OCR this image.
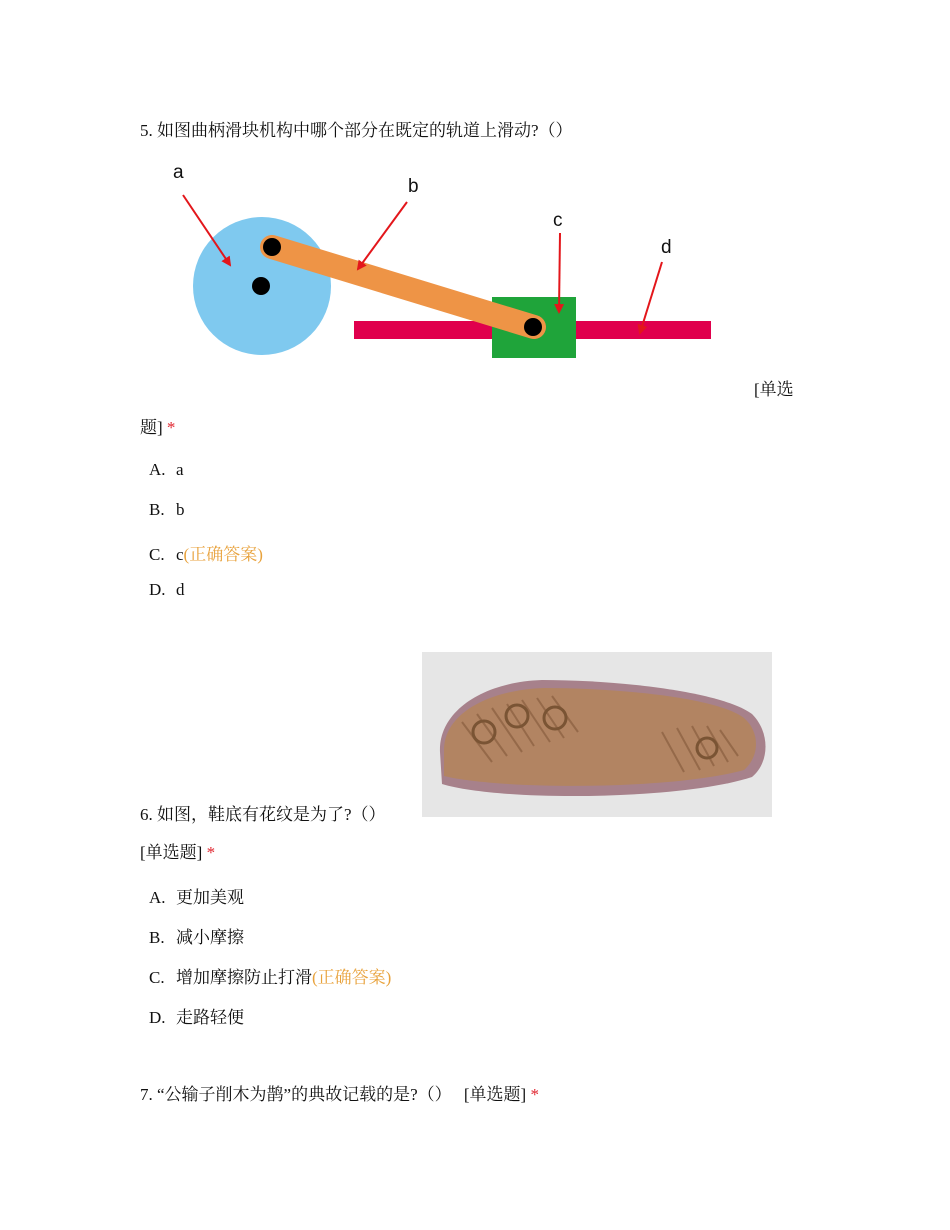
5. 如图曲柄滑块机构中哪个部分在既定的轨道上滑动?（）
a
b
c
d
[单选
题] *
A. a
B. b
C. c(正确答案)
D. d
6. 如图，鞋底有花纹是为了?（）
[单选题] *
A. 更加美观
B. 减小摩擦
C. 增加摩擦防止打滑(正确答案)
D. 走路轻便
7. “公输子削木为鹊”的典故记载的是?（） [单选题] *
